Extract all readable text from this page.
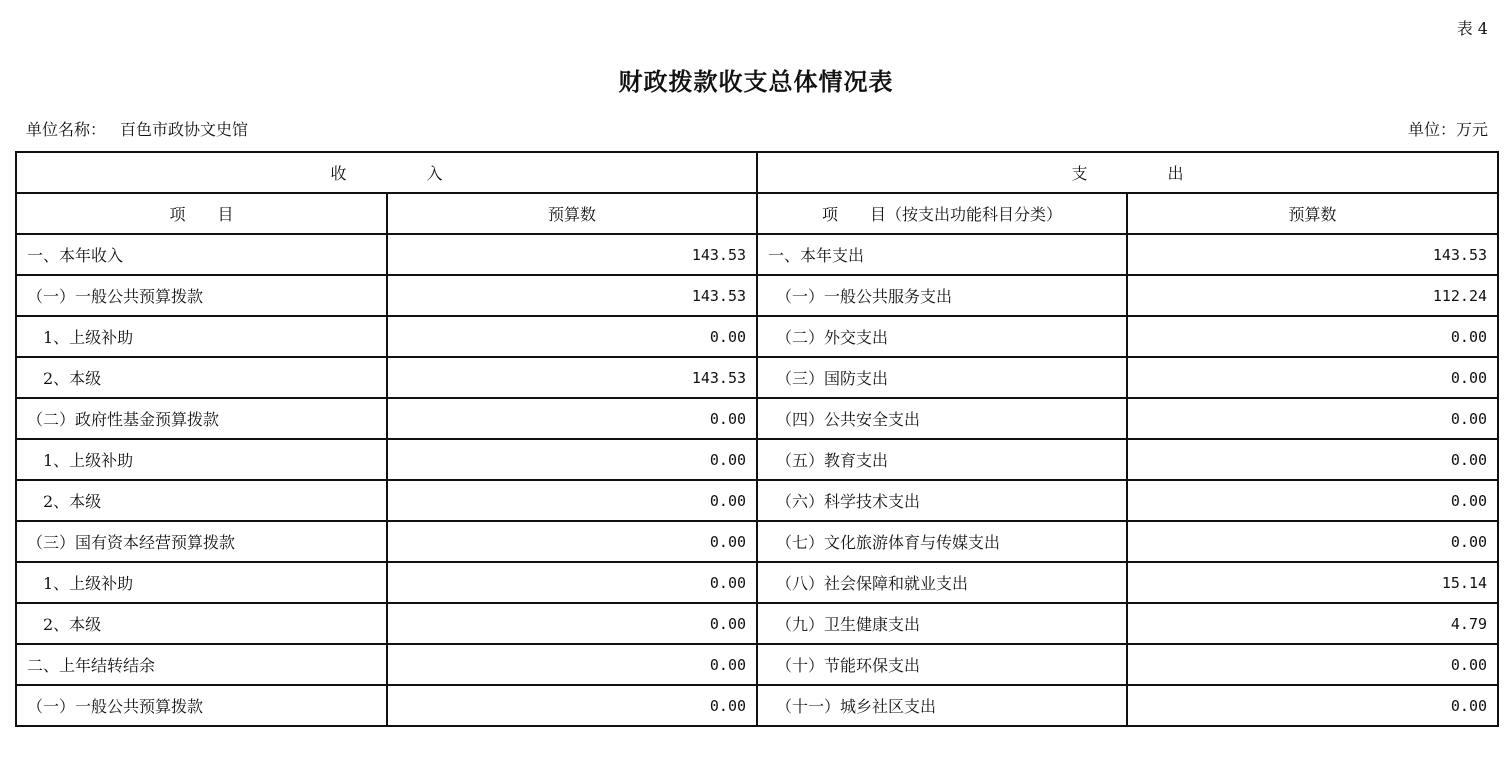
表 4
财政拨款收支总体情况表
单位名称： 百色市政协文史馆	单位：万元
收　　　　　入		支　　　　　出	
项　　目	预算数	项　　目（按支出功能科目分类）	预算数
一、本年收入	143.53	一、本年支出	143.53
（一）一般公共预算拨款	143.53	　（一）一般公共服务支出	112.24
　1、上级补助	0.00	　（二）外交支出	0.00
　2、本级	143.53	　（三）国防支出	0.00
（二）政府性基金预算拨款	0.00	　（四）公共安全支出	0.00
　1、上级补助	0.00	　（五）教育支出	0.00
　2、本级	0.00	　（六）科学技术支出	0.00
（三）国有资本经营预算拨款	0.00	　（七）文化旅游体育与传媒支出	0.00
　1、上级补助	0.00	　（八）社会保障和就业支出	15.14
　2、本级	0.00	　（九）卫生健康支出	4.79
二、上年结转结余	0.00	　（十）节能环保支出	0.00
（一）一般公共预算拨款	0.00	　（十一）城乡社区支出	0.00
